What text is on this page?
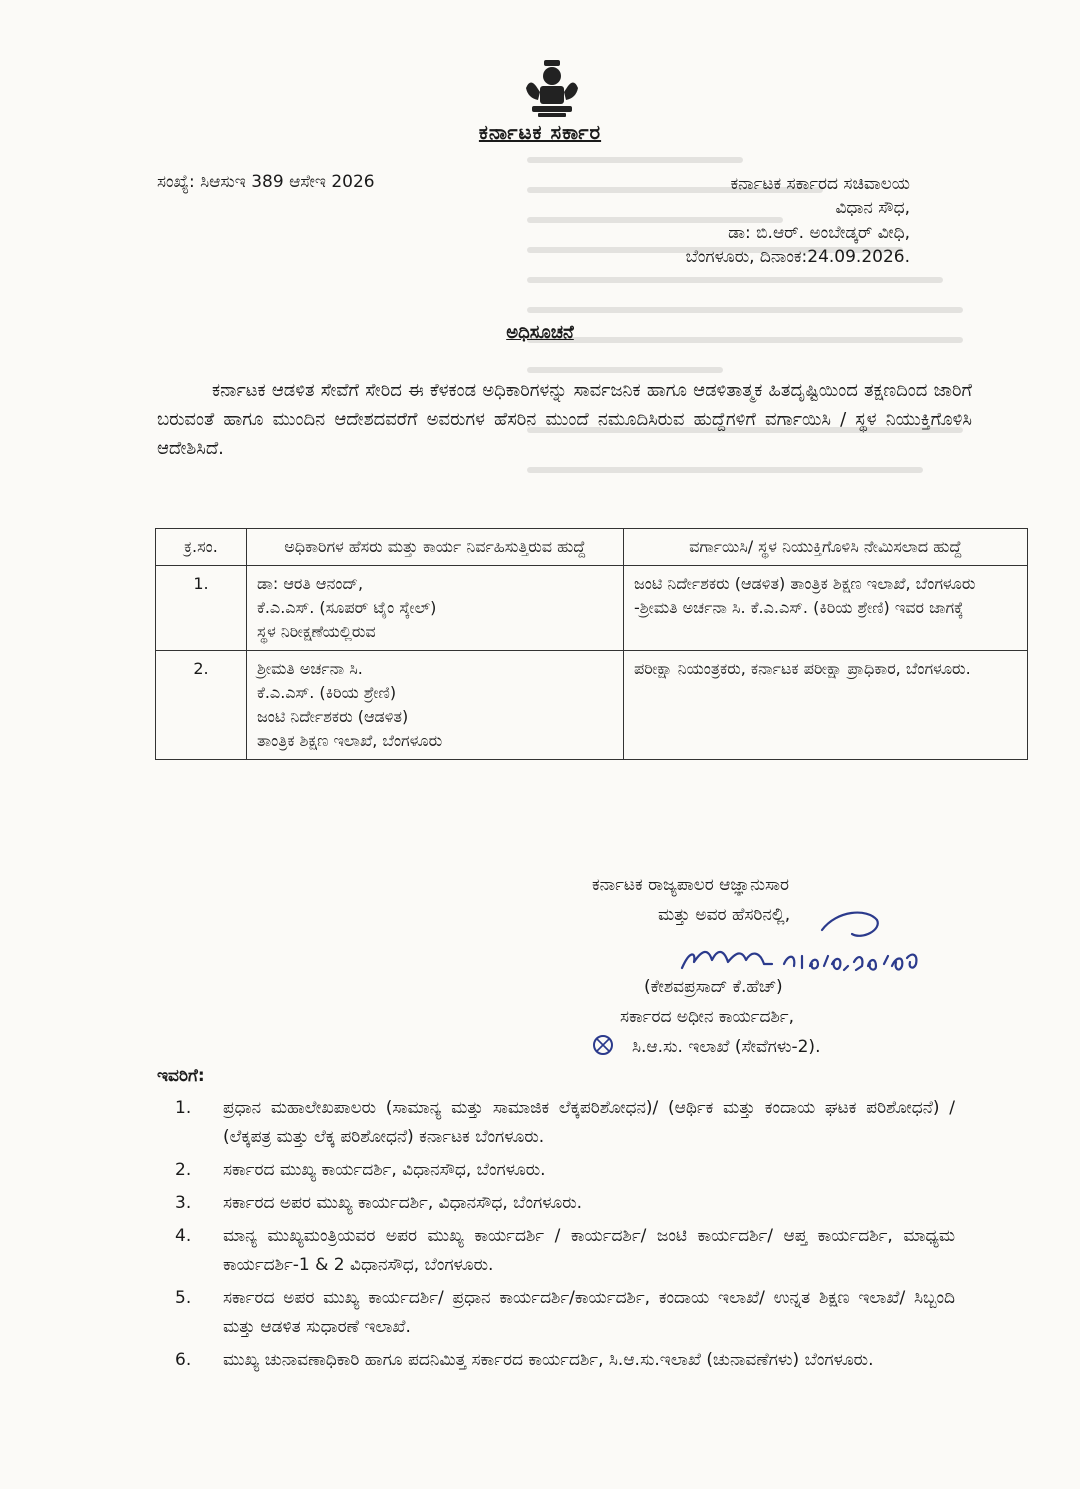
ಕರ್ನಾಟಕ ಸರ್ಕಾರ
ಸಂಖ್ಯೆ: ಸಿಆಸುಇ 389 ಆಸೇಇ 2026	ಕರ್ನಾಟಕ ಸರ್ಕಾರದ ಸಚಿವಾಲಯ
ವಿಧಾನ ಸೌಧ,
ಡಾ: ಬಿ.ಆರ್. ಅಂಬೇಡ್ಕರ್ ವೀಧಿ,
ಬೆಂಗಳೂರು, ದಿನಾಂಕ:24.09.2026.
ಅಧಿಸೂಚನೆ
ಕರ್ನಾಟಕ ಆಡಳಿತ ಸೇವೆಗೆ ಸೇರಿದ ಈ ಕೆಳಕಂಡ ಅಧಿಕಾರಿಗಳನ್ನು ಸಾರ್ವಜನಿಕ ಹಾಗೂ ಆಡಳಿತಾತ್ಮಕ ಹಿತದೃಷ್ಟಿಯಿಂದ ತಕ್ಷಣದಿಂದ ಜಾರಿಗೆ ಬರುವಂತೆ ಹಾಗೂ ಮುಂದಿನ ಆದೇಶದವರೆಗೆ ಅವರುಗಳ ಹೆಸರಿನ ಮುಂದೆ ನಮೂದಿಸಿರುವ ಹುದ್ದೆಗಳಿಗೆ ವರ್ಗಾಯಿಸಿ / ಸ್ಥಳ ನಿಯುಕ್ತಿಗೊಳಿಸಿ ಆದೇಶಿಸಿದೆ.
ಕ್ರ.ಸಂ.	ಅಧಿಕಾರಿಗಳ ಹೆಸರು ಮತ್ತು ಕಾರ್ಯ ನಿರ್ವಹಿಸುತ್ತಿರುವ ಹುದ್ದೆ	ವರ್ಗಾಯಿಸಿ/ ಸ್ಥಳ ನಿಯುಕ್ತಿಗೊಳಿಸಿ ನೇಮಿಸಲಾದ ಹುದ್ದೆ
1.	ಡಾ: ಆರತಿ ಆನಂದ್,
ಕೆ.ಎ.ಎಸ್. (ಸೂಪರ್ ಟೈಂ ಸ್ಕೇಲ್)
ಸ್ಥಳ ನಿರೀಕ್ಷಣೆಯಲ್ಲಿರುವ	ಜಂಟಿ ನಿರ್ದೇಶಕರು (ಆಡಳಿತ) ತಾಂತ್ರಿಕ ಶಿಕ್ಷಣ ಇಲಾಖೆ, ಬೆಂಗಳೂರು -ಶ್ರೀಮತಿ ಅರ್ಚನಾ ಸಿ. ಕೆ.ಎ.ಎಸ್. (ಕಿರಿಯ ಶ್ರೇಣಿ) ಇವರ ಜಾಗಕ್ಕೆ
2.	ಶ್ರೀಮತಿ ಅರ್ಚನಾ ಸಿ.
ಕೆ.ಎ.ಎಸ್. (ಕಿರಿಯ ಶ್ರೇಣಿ)
ಜಂಟಿ ನಿರ್ದೇಶಕರು (ಆಡಳಿತ)
ತಾಂತ್ರಿಕ ಶಿಕ್ಷಣ ಇಲಾಖೆ, ಬೆಂಗಳೂರು	ಪರೀಕ್ಷಾ ನಿಯಂತ್ರಕರು, ಕರ್ನಾಟಕ ಪರೀಕ್ಷಾ ಪ್ರಾಧಿಕಾರ, ಬೆಂಗಳೂರು.
ಕರ್ನಾಟಕ ರಾಜ್ಯಪಾಲರ ಆಜ್ಞಾನುಸಾರ
ಮತ್ತು ಅವರ ಹೆಸರಿನಲ್ಲಿ,
(ಕೇಶವಪ್ರಸಾದ್ ಕೆ.ಹೆಚ್)
ಸರ್ಕಾರದ ಅಧೀನ ಕಾರ್ಯದರ್ಶಿ,
ಸಿ.ಆ.ಸು. ಇಲಾಖೆ (ಸೇವೆಗಳು-2).
ಇವರಿಗೆ:
1.	ಪ್ರಧಾನ ಮಹಾಲೇಖಪಾಲರು (ಸಾಮಾನ್ಯ ಮತ್ತು ಸಾಮಾಜಿಕ ಲೆಕ್ಕಪರಿಶೋಧನ)/ (ಆರ್ಥಿಕ ಮತ್ತು ಕಂದಾಯ ಘಟಕ ಪರಿಶೋಧನೆ) / (ಲೆಕ್ಕಪತ್ರ ಮತ್ತು ಲೆಕ್ಕ ಪರಿಶೋಧನೆ) ಕರ್ನಾಟಕ ಬೆಂಗಳೂರು.
2.	ಸರ್ಕಾರದ ಮುಖ್ಯ ಕಾರ್ಯದರ್ಶಿ, ವಿಧಾನಸೌಧ, ಬೆಂಗಳೂರು.
3.	ಸರ್ಕಾರದ ಅಪರ ಮುಖ್ಯ ಕಾರ್ಯದರ್ಶಿ, ವಿಧಾನಸೌಧ, ಬೆಂಗಳೂರು.
4.	ಮಾನ್ಯ ಮುಖ್ಯಮಂತ್ರಿಯವರ ಅಪರ ಮುಖ್ಯ ಕಾರ್ಯದರ್ಶಿ / ಕಾರ್ಯದರ್ಶಿ/ ಜಂಟಿ ಕಾರ್ಯದರ್ಶಿ/ ಆಪ್ತ ಕಾರ್ಯದರ್ಶಿ, ಮಾಧ್ಯಮ ಕಾರ್ಯದರ್ಶಿ-1 & 2 ವಿಧಾನಸೌಧ, ಬೆಂಗಳೂರು.
5.	ಸರ್ಕಾರದ ಅಪರ ಮುಖ್ಯ ಕಾರ್ಯದರ್ಶಿ/ ಪ್ರಧಾನ ಕಾರ್ಯದರ್ಶಿ/ಕಾರ್ಯದರ್ಶಿ, ಕಂದಾಯ ಇಲಾಖೆ/ ಉನ್ನತ ಶಿಕ್ಷಣ ಇಲಾಖೆ/ ಸಿಬ್ಬಂದಿ ಮತ್ತು ಆಡಳಿತ ಸುಧಾರಣೆ ಇಲಾಖೆ.
6.	ಮುಖ್ಯ ಚುನಾವಣಾಧಿಕಾರಿ ಹಾಗೂ ಪದನಿಮಿತ್ತ ಸರ್ಕಾರದ ಕಾರ್ಯದರ್ಶಿ, ಸಿ.ಆ.ಸು.ಇಲಾಖೆ (ಚುನಾವಣೆಗಳು) ಬೆಂಗಳೂರು.
